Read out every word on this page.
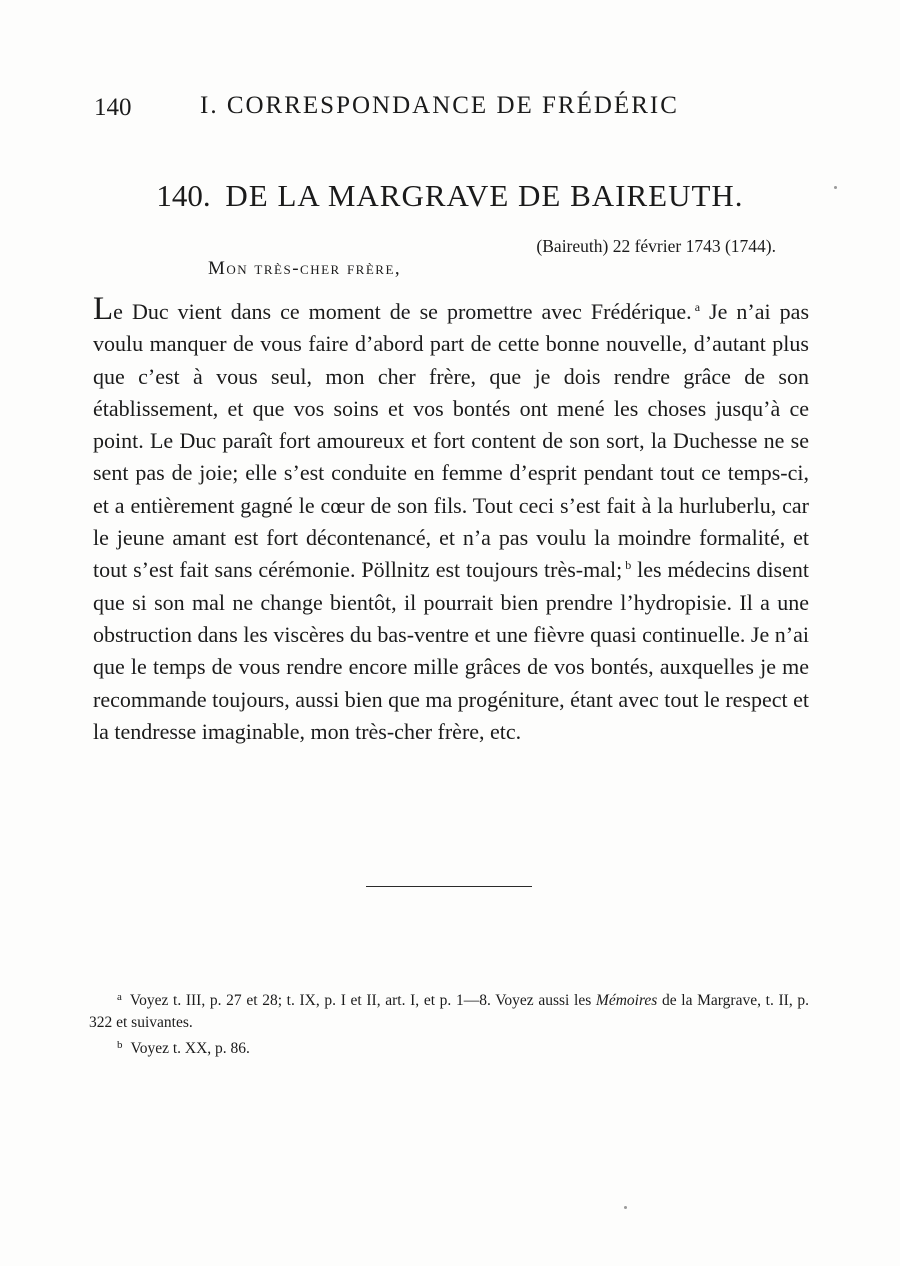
140	I. CORRESPONDANCE DE FRÉDÉRIC
140. DE LA MARGRAVE DE BAIREUTH.
(Baireuth) 22 février 1743 (1744).
Mon très-cher frère,

Le Duc vient dans ce moment de se promettre avec Frédérique. $^a$ Je n’ai pas voulu manquer de vous faire d’abord part de cette bonne nouvelle, d’autant plus que c’est à vous seul, mon cher frère, que je dois rendre grâce de son établissement, et que vos soins et vos bontés ont mené les choses jusqu’à ce point. Le Duc paraît fort amoureux et fort content de son sort, la Duchesse ne se sent pas de joie; elle s’est conduite en femme d’esprit pendant tout ce temps-ci, et a entièrement gagné le cœur de son fils. Tout ceci s’est fait à la hurluberlu, car le jeune amant est fort décontenancé, et n’a pas voulu la moindre formalité, et tout s’est fait sans cérémonie. Pöllnitz est toujours très-mal; $^b$ les médecins disent que si son mal ne change bientôt, il pourrait bien prendre l’hydropisie. Il a une obstruction dans les viscères du bas-ventre et une fièvre quasi continuelle. Je n’ai que le temps de vous rendre encore mille grâces de vos bontés, auxquelles je me recommande toujours, aussi bien que ma progéniture, étant avec tout le respect et la tendresse imaginable, mon très-cher frère, etc.

$^a$ Voyez t. III, p. 27 et 28; t. IX, p. I et II, art. I, et p. 1—8. Voyez aussi les Mémoires de la Margrave, t. II, p. 322 et suivantes.

$^b$ Voyez t. XX, p. 86.
